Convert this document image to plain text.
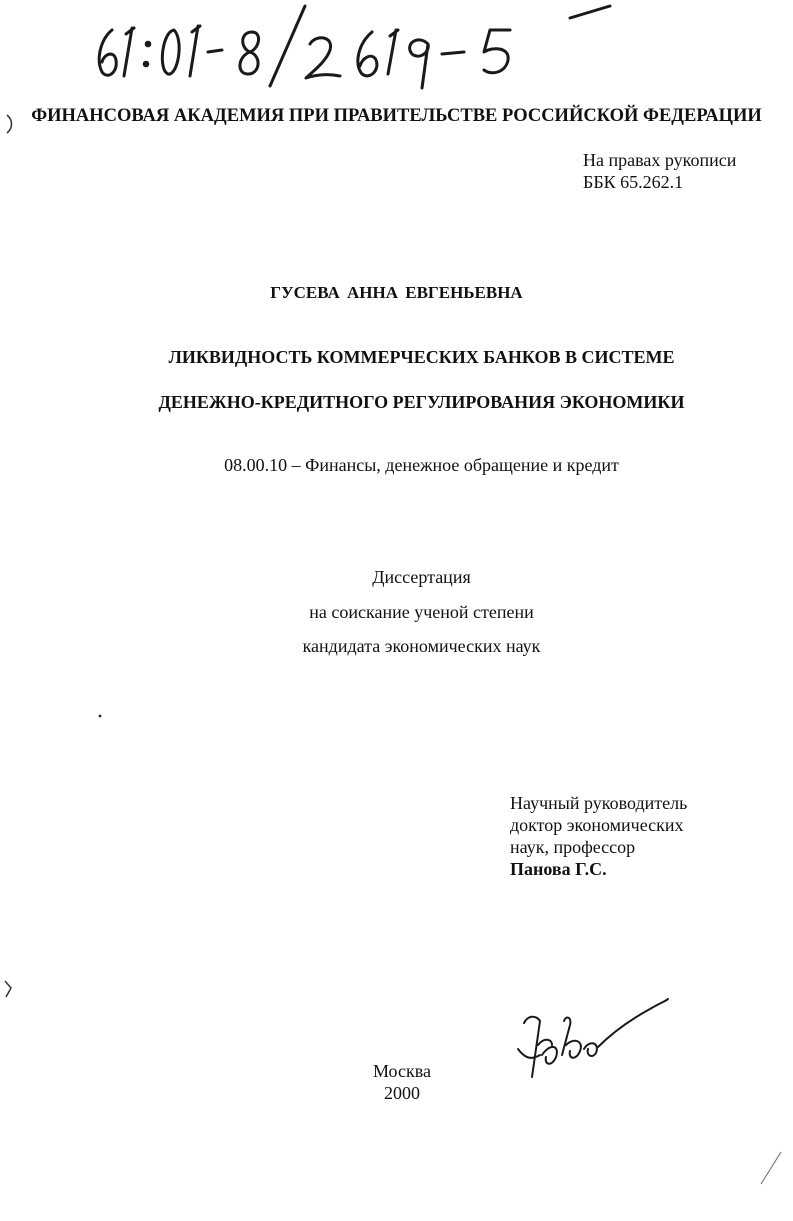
ФИНАНСОВАЯ АКАДЕМИЯ ПРИ ПРАВИТЕЛЬСТВЕ РОССИЙСКОЙ ФЕДЕРАЦИИ
На правах рукописи
ББК 65.262.1
ГУСЕВА АННА ЕВГЕНЬЕВНА
ЛИКВИДНОСТЬ КОММЕРЧЕСКИХ БАНКОВ В СИСТЕМЕ
ДЕНЕЖНО-КРЕДИТНОГО РЕГУЛИРОВАНИЯ ЭКОНОМИКИ
08.00.10 – Финансы, денежное обращение и кредит
Диссертация
на соискание ученой степени
кандидата экономических наук
Научный руководитель
доктор экономических
наук, профессор
Панова Г.С.
Москва
2000
